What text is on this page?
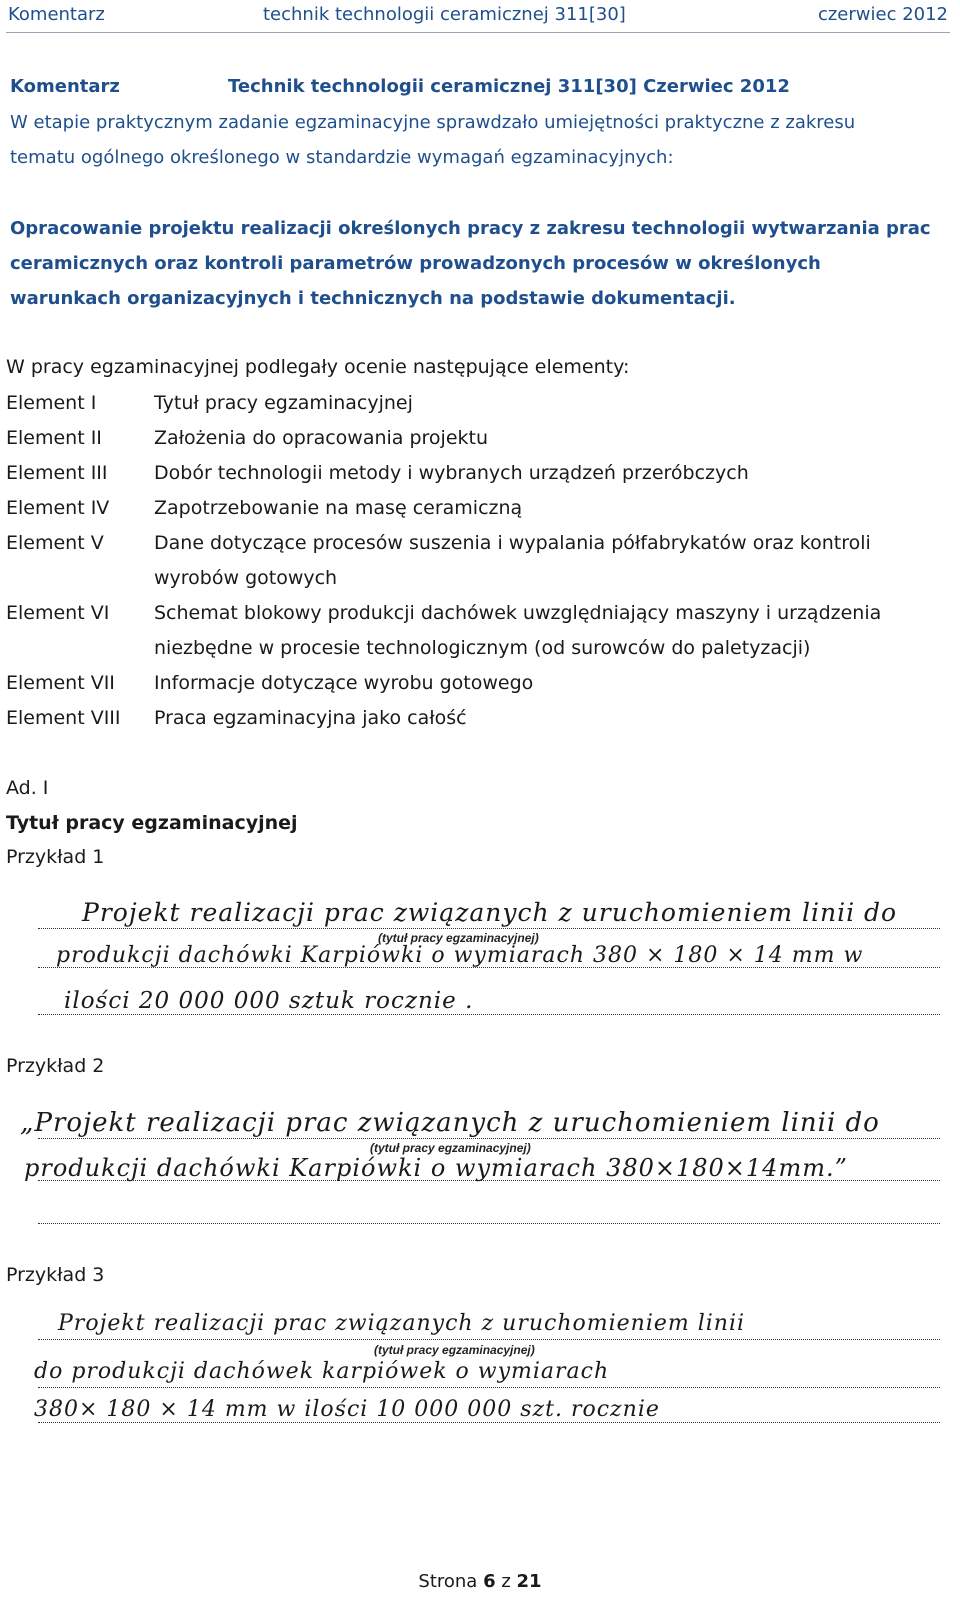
Komentarz	technik technologii ceramicznej 311[30]	czerwiec 2012
Komentarz	Technik technologii ceramicznej 311[30] Czerwiec 2012
W etapie praktycznym zadanie egzaminacyjne sprawdzało umiejętności praktyczne z zakresu
tematu ogólnego określonego w standardzie wymagań egzaminacyjnych:
Opracowanie projektu realizacji określonych pracy z zakresu technologii wytwarzania prac
ceramicznych oraz kontroli parametrów prowadzonych procesów w określonych
warunkach organizacyjnych i technicznych na podstawie dokumentacji.
W pracy egzaminacyjnej podlegały ocenie następujące elementy:
Element I	Tytuł pracy egzaminacyjnej
Element II	Założenia do opracowania projektu
Element III Dobór technologii metody i wybranych urządzeń przeróbczych
Element IV Zapotrzebowanie na masę ceramiczną
Element V	Dane dotyczące procesów suszenia i wypalania półfabrykatów oraz kontroli
wyrobów gotowych
Element VI Schemat blokowy produkcji dachówek uwzględniający maszyny i urządzenia
niezbędne w procesie technologicznym (od surowców do paletyzacji)
Element VII Informacje dotyczące wyrobu gotowego
Element VIII Praca egzaminacyjna jako całość
Ad. I
Tytuł pracy egzaminacyjnej
Przykład 1
Projekt realizacji prac związanych z uruchomieniem linii do
(tytuł pracy egzaminacyjnej)
produkcji dachówki Karpiówki o wymiarach 380 × 180 × 14 mm w
ilości 20 000 000 sztuk rocznie .
Przykład 2
„Projekt realizacji prac związanych z uruchomieniem linii do
(tytuł pracy egzaminacyjnej)
produkcji dachówki Karpiówki o wymiarach 380×180×14mm.”
Przykład 3
Projekt realizacji prac związanych z uruchomieniem linii
(tytuł pracy egzaminacyjnej)
do produkcji dachówek karpiówek o wymiarach
380× 180 × 14 mm w ilości 10 000 000 szt. rocznie
Strona 6 z 21
